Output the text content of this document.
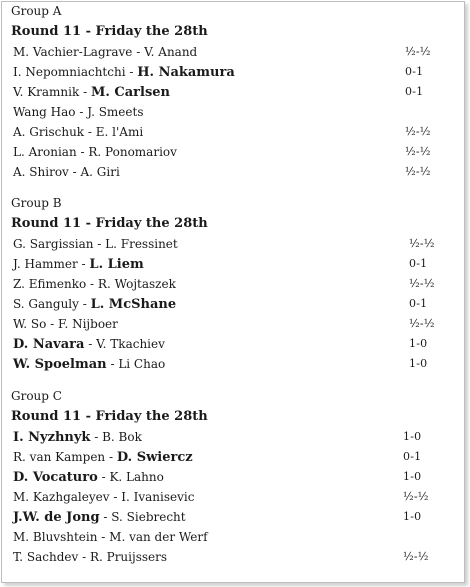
Group A
Round 11 - Friday the 28th
M. Vachier-Lagrave - V. Anand	½-½
I. Nepomniachtchi - H. Nakamura	0-1
V. Kramnik - M. Carlsen	0-1
Wang Hao - J. Smeets
A. Grischuk - E. l'Ami	½-½
L. Aronian - R. Ponomariov	½-½
A. Shirov - A. Giri	½-½
Group B
Round 11 - Friday the 28th
G. Sargissian - L. Fressinet	½-½
J. Hammer - L. Liem	0-1
Z. Efimenko - R. Wojtaszek	½-½
S. Ganguly - L. McShane	0-1
W. So - F. Nijboer	½-½
D. Navara - V. Tkachiev	1-0
W. Spoelman - Li Chao	1-0
Group C
Round 11 - Friday the 28th
I. Nyzhnyk - B. Bok	1-0
R. van Kampen - D. Swiercz	0-1
D. Vocaturo - K. Lahno	1-0
M. Kazhgaleyev - I. Ivanisevic	½-½
J.W. de Jong - S. Siebrecht	1-0
M. Bluvshtein - M. van der Werf
T. Sachdev - R. Pruijssers	½-½
